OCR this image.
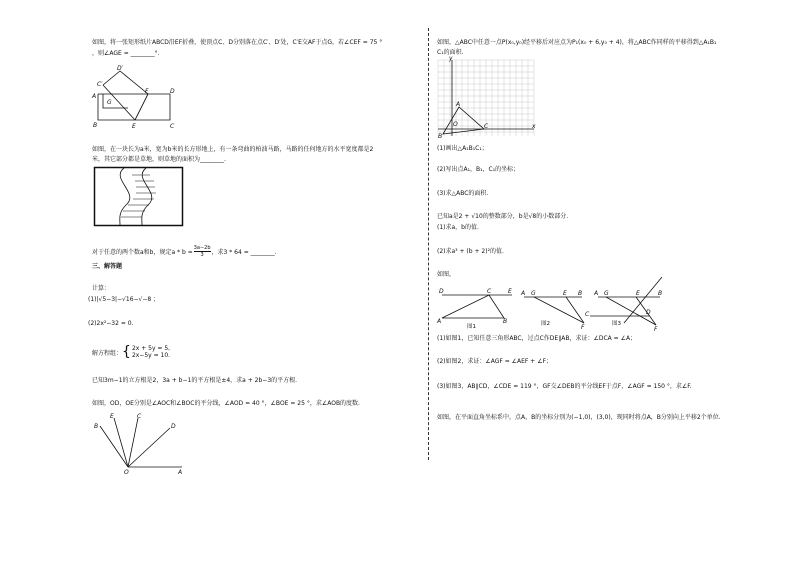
如图，将一张矩形纸片ABCD沿EF折叠，使顶点C、D分别落在点C′、D′处，C′E交AF于点G，若∠CEF = 75 °
，则∠AGE = ________°.
D′
C′
A
G
F	D
B	E	C
如图，在一块长为a米，宽为b米的长方形地上，有一条弯曲的柏油马路，马路的任何地方的水平宽度都是2
米，其它部分都是草地，则草地的面积为________.
对于任意的两个数a和b，规定$a * b = \frac{3a-2b}{3}$ ，求3 * 64 = ________.
三、解答题
计算：
(1)|√5−3|−√16−√−8 ；
(2)2x²−32 = 0.
解方程组： { 2x + 5y = 5,
2x−5y = 10.
已知3m−1的立方根是2，3a + b−1的平方根是±4，求a + 2b−3的平方根.
如图，OD，OE分别是∠AOC和∠BOC的平分线，∠AOD = 40 °，∠BOE = 25 °，求∠AOB的度数.
B
E	C
D
O	A
如图，△ABC中任意一点P(x₀,y₀)经平移后对应点为P₁(x₀ + 6,y₀ + 4)，将△ABC作同样的平移得到△A₁B₁
C₁的面积.
y
x
O
B
A
C
(1)画出△A₁B₁C₁；
(2)写出点A₁，B₁，C₁的坐标；
(3)求△ABC的面积.
已知a是2 + √10的整数部分，b是√8的小数部分.
(1)求a，b的值.
(2)求a³ + (b + 2)²的值.
如图，
D	C	E
A	B
图1
A G	E B
F
图2
A G	E	B
C	D
F
图3
(1)如图1，已知任意三角形ABC，过点C作DE∥AB，求证：∠DCA = ∠A；
(2)如图2，求证：∠AGF = ∠AEF + ∠F；
(3)如图3，AB∥CD，∠CDE = 119 °，GF交∠DEB的平分线EF于点F，∠AGF = 150 °，求∠F.
如图，在平面直角坐标系中，点A，B的坐标分别为(−1,0)，(3,0)，现同时将点A，B分别向上平移2个单位.
